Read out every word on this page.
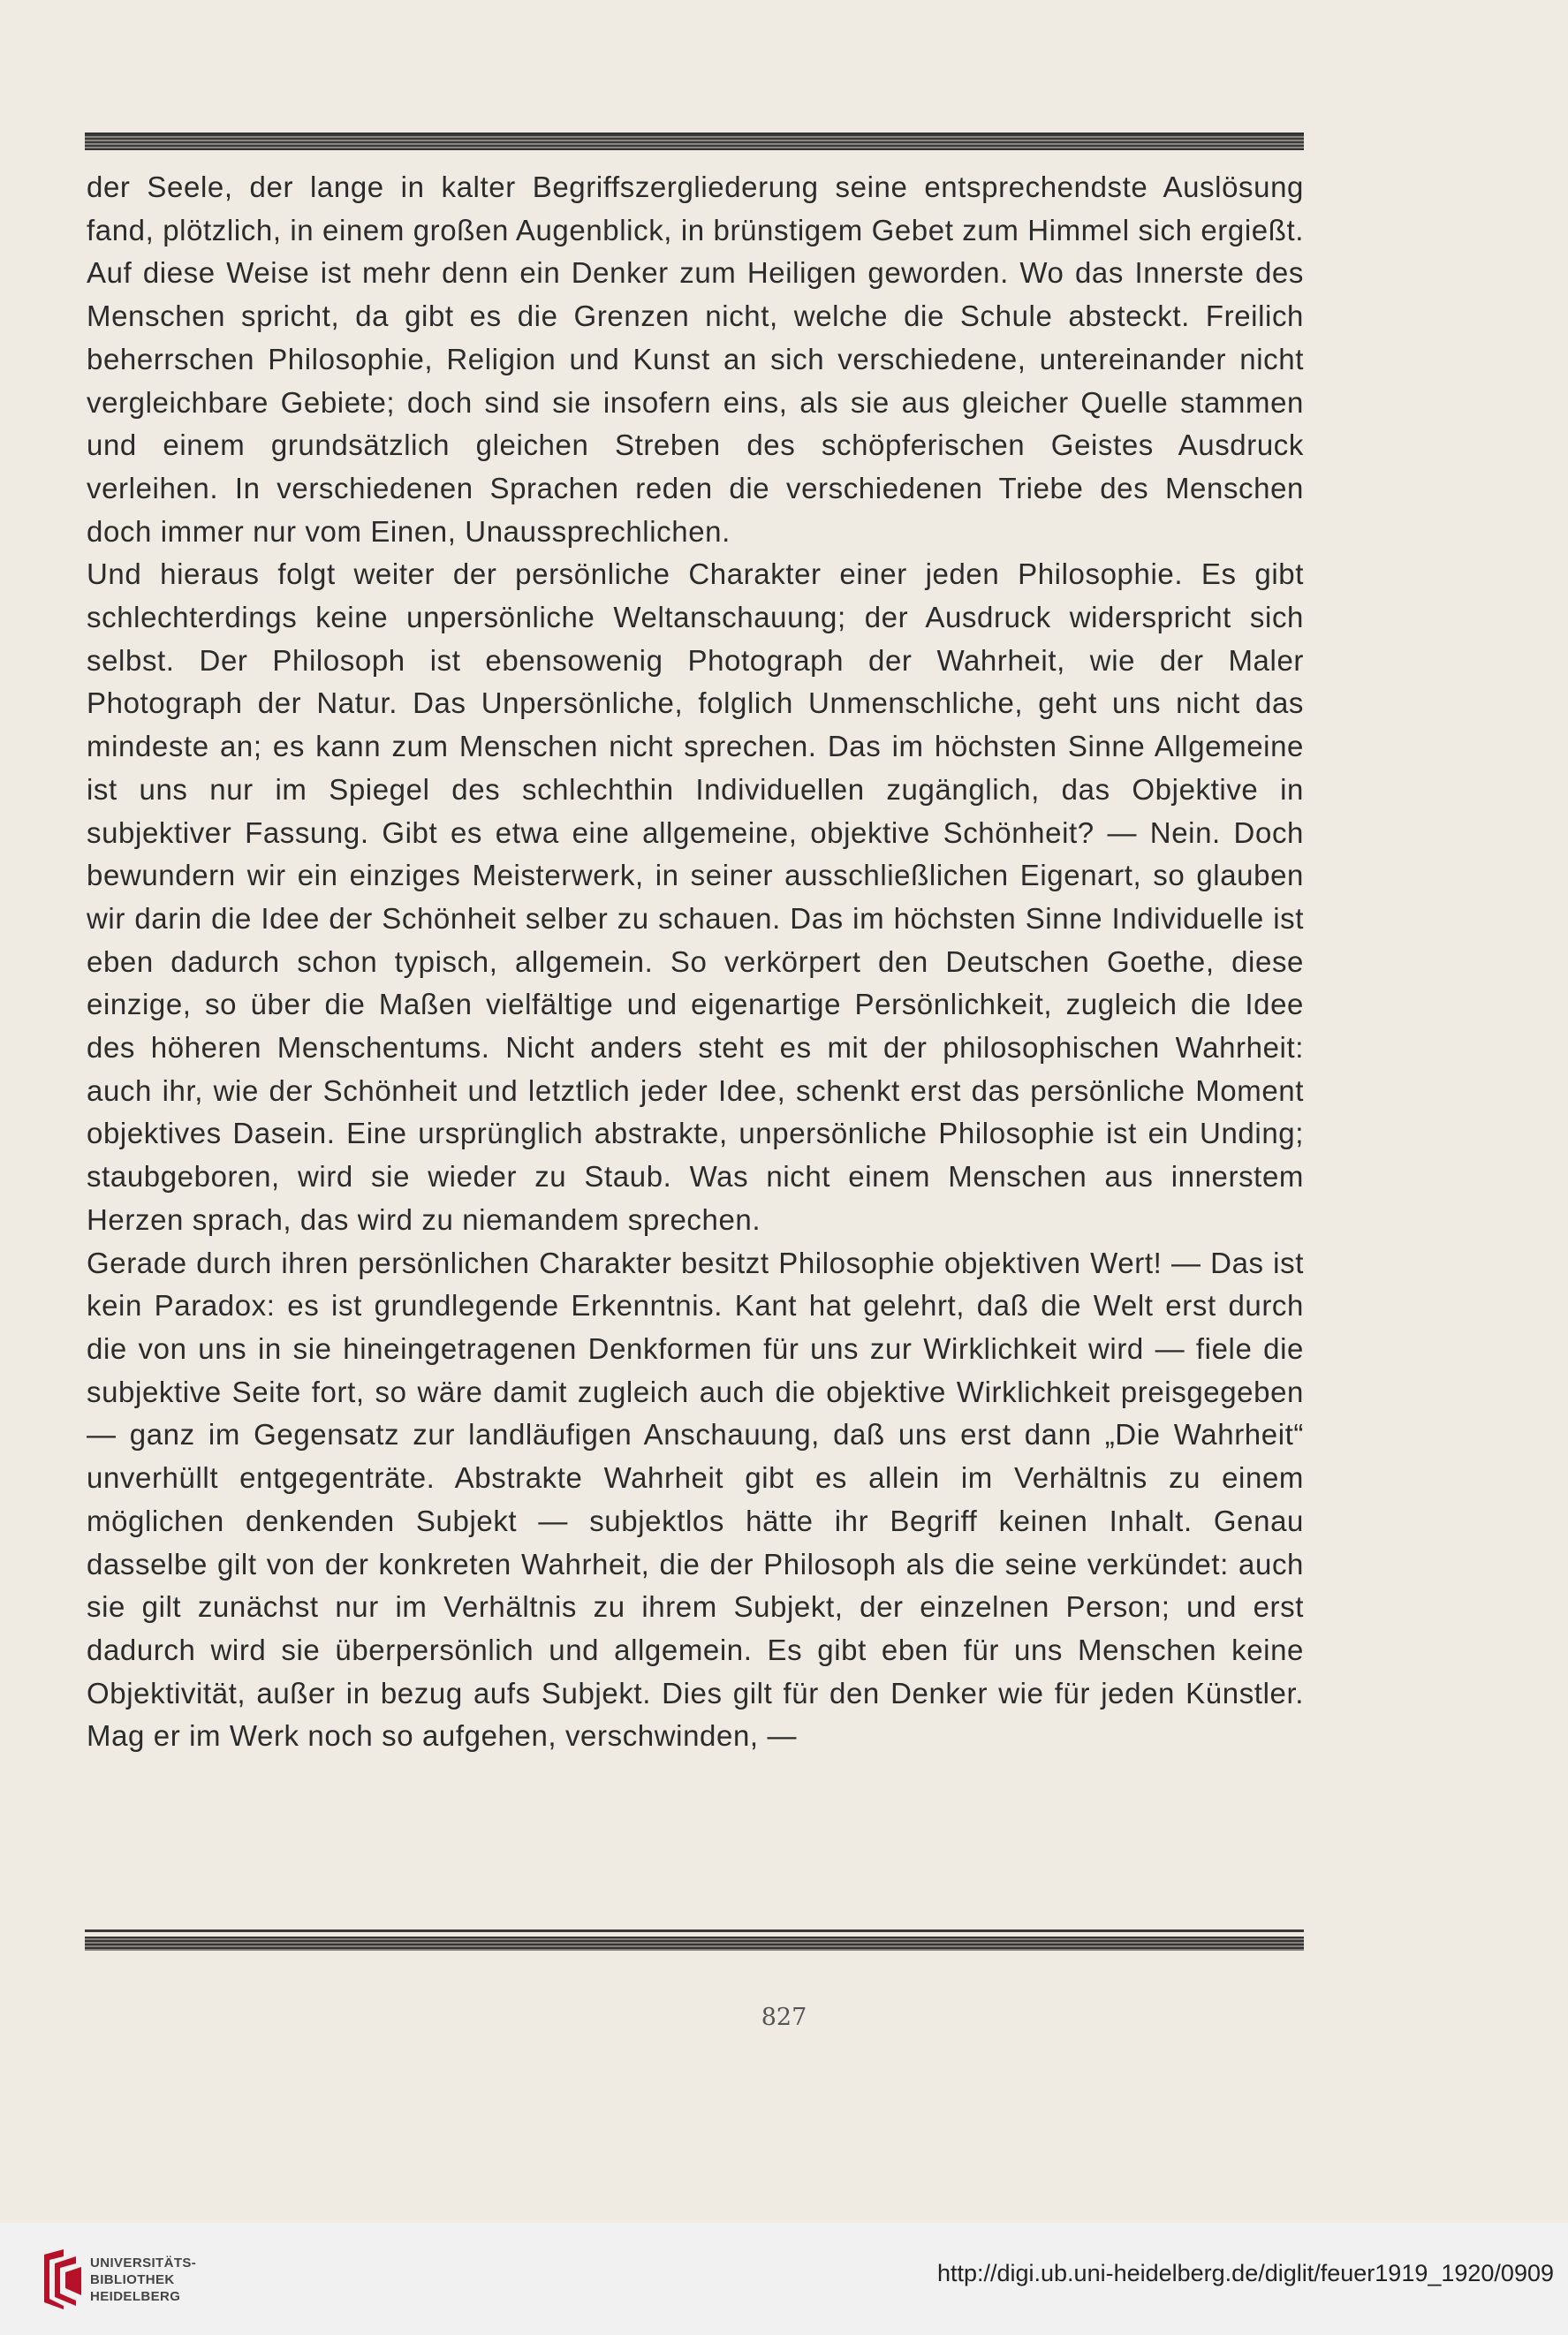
der Seele, der lange in kalter Begriffszergliederung seine entsprechendste Auslösung fand, plötzlich, in einem großen Augenblick, in brünstigem Gebet zum Himmel sich ergießt. Auf diese Weise ist mehr denn ein Denker zum Heiligen geworden. Wo das Innerste des Menschen spricht, da gibt es die Grenzen nicht, welche die Schule absteckt. Freilich beherrschen Philosophie, Religion und Kunst an sich verschiedene, untereinander nicht vergleichbare Gebiete; doch sind sie insofern eins, als sie aus gleicher Quelle stammen und einem grundsätzlich gleichen Streben des schöpferischen Geistes Ausdruck verleihen. In verschiedenen Sprachen reden die verschiedenen Triebe des Menschen doch immer nur vom Einen, Unaussprechlichen.

Und hieraus folgt weiter der persönliche Charakter einer jeden Philosophie. Es gibt schlechterdings keine unpersönliche Weltanschauung; der Ausdruck widerspricht sich selbst. Der Philosoph ist ebensowenig Photograph der Wahrheit, wie der Maler Photograph der Natur. Das Unpersönliche, folglich Unmenschliche, geht uns nicht das mindeste an; es kann zum Menschen nicht sprechen. Das im höchsten Sinne Allgemeine ist uns nur im Spiegel des schlechthin Individuellen zugänglich, das Objektive in subjektiver Fassung. Gibt es etwa eine allgemeine, objektive Schönheit? — Nein. Doch bewundern wir ein einziges Meisterwerk, in seiner ausschließlichen Eigenart, so glauben wir darin die Idee der Schönheit selber zu schauen. Das im höchsten Sinne Individuelle ist eben dadurch schon typisch, allgemein. So verkörpert den Deutschen Goethe, diese einzige, so über die Maßen vielfältige und eigenartige Persönlichkeit, zugleich die Idee des höheren Menschentums. Nicht anders steht es mit der philosophischen Wahrheit: auch ihr, wie der Schönheit und letztlich jeder Idee, schenkt erst das persönliche Moment objektives Dasein. Eine ursprünglich abstrakte, unpersönliche Philosophie ist ein Unding; staubgeboren, wird sie wieder zu Staub. Was nicht einem Menschen aus innerstem Herzen sprach, das wird zu niemandem sprechen.

Gerade durch ihren persönlichen Charakter besitzt Philosophie objektiven Wert! — Das ist kein Paradox: es ist grundlegende Erkenntnis. Kant hat gelehrt, daß die Welt erst durch die von uns in sie hineingetragenen Denkformen für uns zur Wirklichkeit wird — fiele die subjektive Seite fort, so wäre damit zugleich auch die objektive Wirklichkeit preisgegeben — ganz im Gegensatz zur landläufigen Anschauung, daß uns erst dann „Die Wahrheit“ unverhüllt entgegenträte. Abstrakte Wahrheit gibt es allein im Verhältnis zu einem möglichen denkenden Subjekt — subjektlos hätte ihr Begriff keinen Inhalt. Genau dasselbe gilt von der konkreten Wahrheit, die der Philosoph als die seine verkündet: auch sie gilt zunächst nur im Verhältnis zu ihrem Subjekt, der einzelnen Person; und erst dadurch wird sie überpersönlich und allgemein. Es gibt eben für uns Menschen keine Objektivität, außer in bezug aufs Subjekt. Dies gilt für den Denker wie für jeden Künstler. Mag er im Werk noch so aufgehen, verschwinden, —

827
UNIVERSITÄTS-
BIBLIOTHEK
HEIDELBERG
http://digi.ub.uni-heidelberg.de/diglit/feuer1919_1920/0909
